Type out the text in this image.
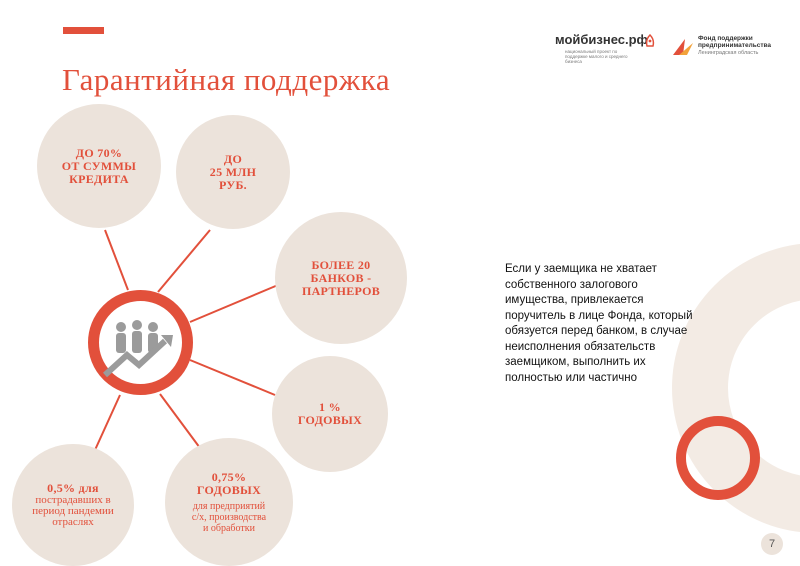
Гарантийная поддержка
мойбизнес.рф
национальный проект по поддержке малого и среднего бизнеса
Фонд поддержки
предпринимательства
Ленинградская область
ДО 70%
ОТ СУММЫ
КРЕДИТА
ДО
25 МЛН
РУБ.
БОЛЕЕ 20
БАНКОВ -
ПАРТНЕРОВ
1 %
ГОДОВЫХ
0,75%
ГОДОВЫХ
для предприятий
с/х, производства
и обработки
0,5% для
пострадавших в
период пандемии
отраслях
Если у заемщика не хватает
собственного залогового
имущества, привлекается
поручитель в лице Фонда, который
обязуется перед банком, в случае
неисполнения обязательств
заемщиком, выполнить их
полностью или частично
7
